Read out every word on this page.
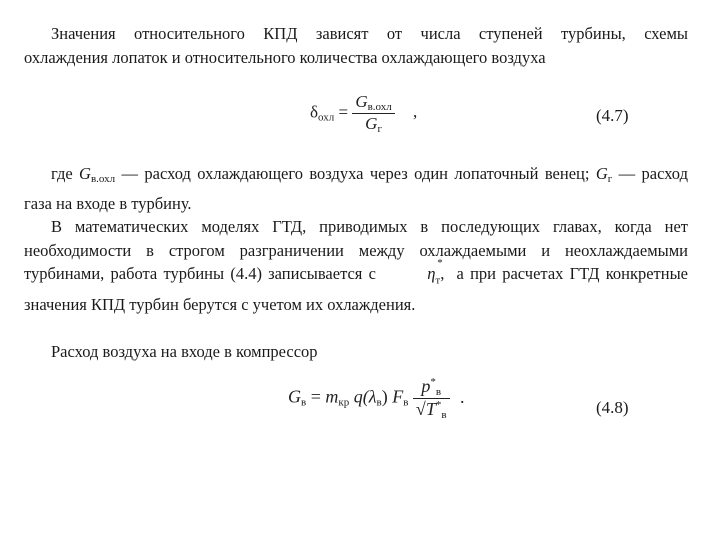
Значения относительного КПД зависят от числа ступеней турбины, схемы
охлаждения лопаток и относительного количества охлаждающего воздуха

$\delta_{охл} = \frac{G_{в.охл}}{G_г}$ ,	(4.7)

где $G_{в.охл}$ — расход охлаждающего воздуха через один лопаточный венец; $G_г$ — расход газа на входе в турбину.

В математических моделях ГТД, приводимых в последующих главах, когда нет необходимости в строгом разграничении между охлаждаемыми и неохлаждаемыми турбинами, работа турбины (4.4) записывается с	η
*
$_т$, а при расчетах ГТД конкретные значения КПД турбин берутся с учетом их охлаждения.

Расход воздуха на входе в компрессор

$G_в = m_{кр}$ $q(\lambda_в)$ $F_в \frac{p^*_в}{√T^*_в}$ .
(4.8)
